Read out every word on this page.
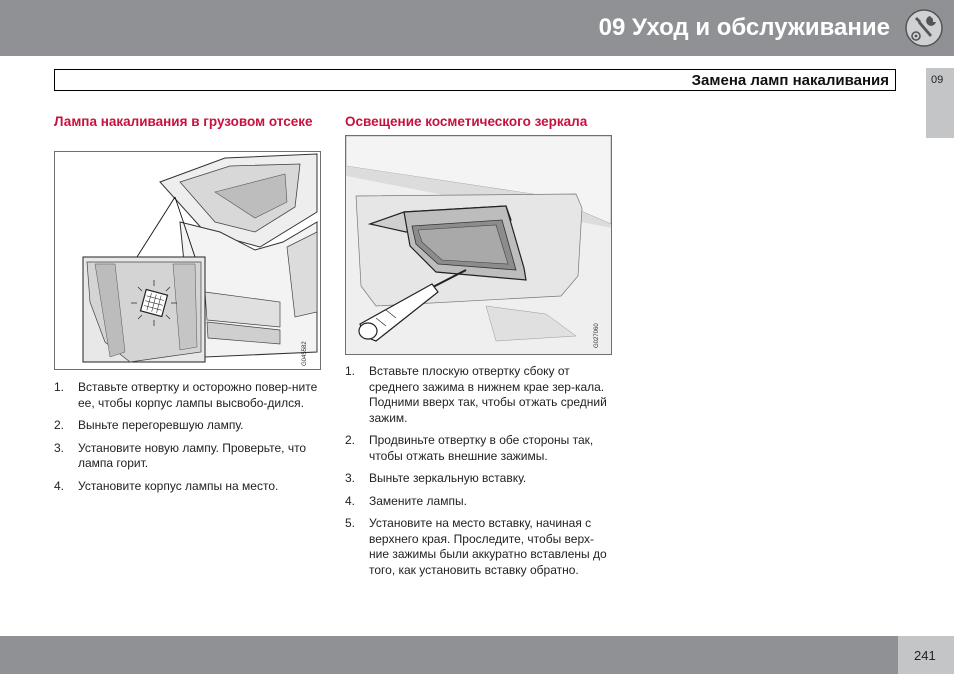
09 Уход и обслуживание
Замена ламп накаливания	09

Лампа накаливания в грузовом отсеке

G045582
1. Вставьте отвертку и осторожно повер-ните ее, чтобы корпус лампы высвобо-дился.
2. Выньте перегоревшую лампу.
3. Установите новую лампу. Проверьте, что лампа горит.
4. Установите корпус лампы на место.

Освещение косметического зеркала

G027060
1. Вставьте плоскую отвертку сбоку от среднего зажима в нижнем крае зер-кала. Подними вверх так, чтобы отжать средний зажим.
2. Продвиньте отвертку в обе стороны так, чтобы отжать внешние зажимы.
3. Выньте зеркальную вставку.
4. Замените лампы.
5. Установите на место вставку, начиная с верхнего края. Проследите, чтобы верх-ние зажимы были аккуратно вставлены до того, как установить вставку обратно.
241
